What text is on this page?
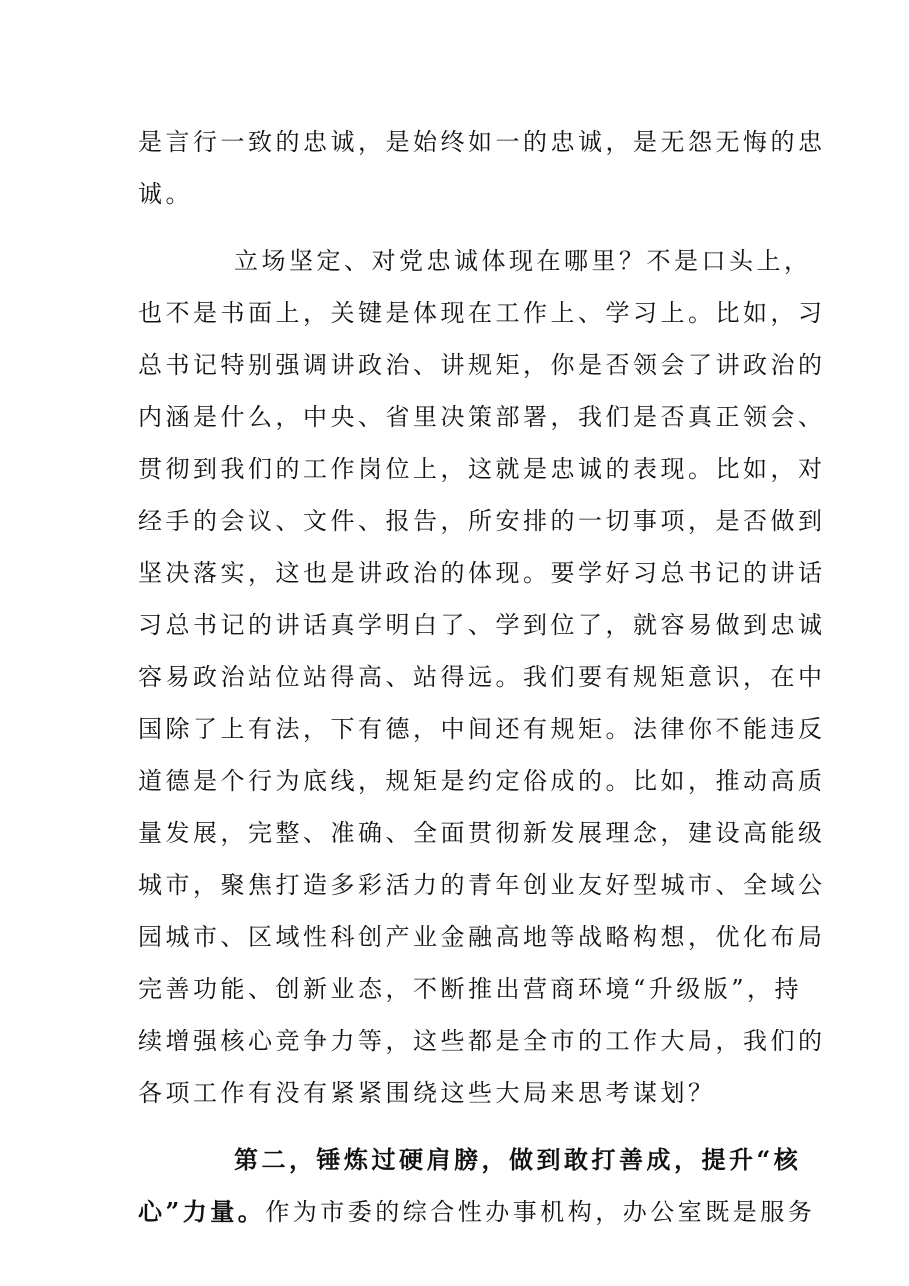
是言行一致的忠诚，是始终如一的忠诚，是无怨无悔的忠
诚。
立场坚定、对党忠诚体现在哪里？不是口头上，
也不是书面上，关键是体现在工作上、学习上。比如，习
总书记特别强调讲政治、讲规矩，你是否领会了讲政治的
内涵是什么，中央、省里决策部署，我们是否真正领会、
贯彻到我们的工作岗位上，这就是忠诚的表现。比如，对
经手的会议、文件、报告，所安排的一切事项，是否做到
坚决落实，这也是讲政治的体现。要学好习总书记的讲话
习总书记的讲话真学明白了、学到位了，就容易做到忠诚
容易政治站位站得高、站得远。我们要有规矩意识，在中
国除了上有法，下有德，中间还有规矩。法律你不能违反
道德是个行为底线，规矩是约定俗成的。比如，推动高质
量发展，完整、准确、全面贯彻新发展理念，建设高能级
城市，聚焦打造多彩活力的青年创业友好型城市、全域公
园城市、区域性科创产业金融高地等战略构想，优化布局
完善功能、创新业态，不断推出营商环境“升级版”，持
续增强核心竞争力等，这些都是全市的工作大局，我们的
各项工作有没有紧紧围绕这些大局来思考谋划？
第二，锤炼过硬肩膀，做到敢打善成，提升“核
心”力量。作为市委的综合性办事机构，办公室既是服务
